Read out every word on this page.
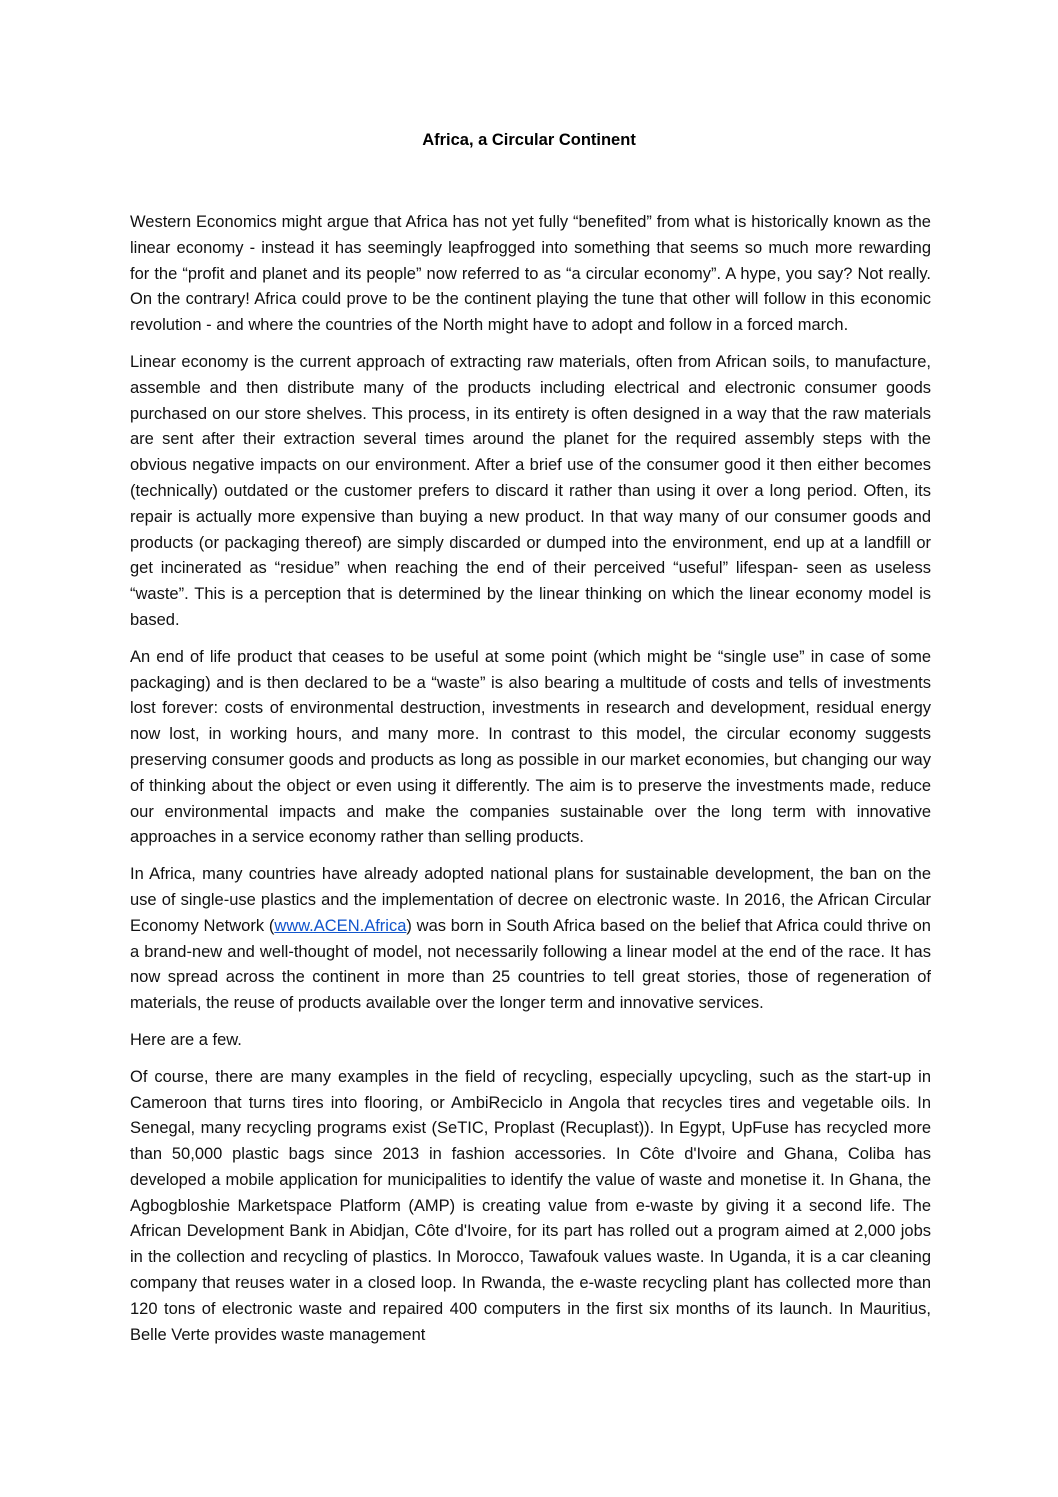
Africa, a Circular Continent

Western Economics might argue that Africa has not yet fully “benefited” from what is historically known as the linear economy - instead it has seemingly leapfrogged into something that seems so much more rewarding for the “profit and planet and its people” now referred to as “a circular economy”. A hype, you say? Not really. On the contrary! Africa could prove to be the continent playing the tune that other will follow in this economic revolution - and where the countries of the North might have to adopt and follow in a forced march.

Linear economy is the current approach of extracting raw materials, often from African soils, to manufacture, assemble and then distribute many of the products including electrical and electronic consumer goods purchased on our store shelves. This process, in its entirety is often designed in a way that the raw materials are sent after their extraction several times around the planet for the required assembly steps with the obvious negative impacts on our environment. After a brief use of the consumer good it then either becomes (technically) outdated or the customer prefers to discard it rather than using it over a long period. Often, its repair is actually more expensive than buying a new product. In that way many of our consumer goods and products (or packaging thereof) are simply discarded or dumped into the environment, end up at a landfill or get incinerated as “residue” when reaching the end of their perceived “useful” lifespan- seen as useless “waste”. This is a perception that is determined by the linear thinking on which the linear economy model is based.

An end of life product that ceases to be useful at some point (which might be “single use” in case of some packaging) and is then declared to be a “waste” is also bearing a multitude of costs and tells of investments lost forever: costs of environmental destruction, investments in research and development, residual energy now lost, in working hours, and many more. In contrast to this model, the circular economy suggests preserving consumer goods and products as long as possible in our market economies, but changing our way of thinking about the object or even using it differently. The aim is to preserve the investments made, reduce our environmental impacts and make the companies sustainable over the long term with innovative approaches in a service economy rather than selling products.

In Africa, many countries have already adopted national plans for sustainable development, the ban on the use of single-use plastics and the implementation of decree on electronic waste. In 2016, the African Circular Economy Network (www.ACEN.Africa) was born in South Africa based on the belief that Africa could thrive on a brand-new and well-thought of model, not necessarily following a linear model at the end of the race. It has now spread across the continent in more than 25 countries to tell great stories, those of regeneration of materials, the reuse of products available over the longer term and innovative services.

Here are a few.

Of course, there are many examples in the field of recycling, especially upcycling, such as the start-up in Cameroon that turns tires into flooring, or AmbiReciclo in Angola that recycles tires and vegetable oils. In Senegal, many recycling programs exist (SeTIC, Proplast (Recuplast)). In Egypt, UpFuse has recycled more than 50,000 plastic bags since 2013 in fashion accessories. In Côte d'Ivoire and Ghana, Coliba has developed a mobile application for municipalities to identify the value of waste and monetise it. In Ghana, the Agbogbloshie Marketspace Platform (AMP) is creating value from e-waste by giving it a second life. The African Development Bank in Abidjan, Côte d'Ivoire, for its part has rolled out a program aimed at 2,000 jobs in the collection and recycling of plastics. In Morocco, Tawafouk values waste. In Uganda, it is a car cleaning company that reuses water in a closed loop. In Rwanda, the e-waste recycling plant has collected more than 120 tons of electronic waste and repaired 400 computers in the first six months of its launch. In Mauritius, Belle Verte provides waste management
